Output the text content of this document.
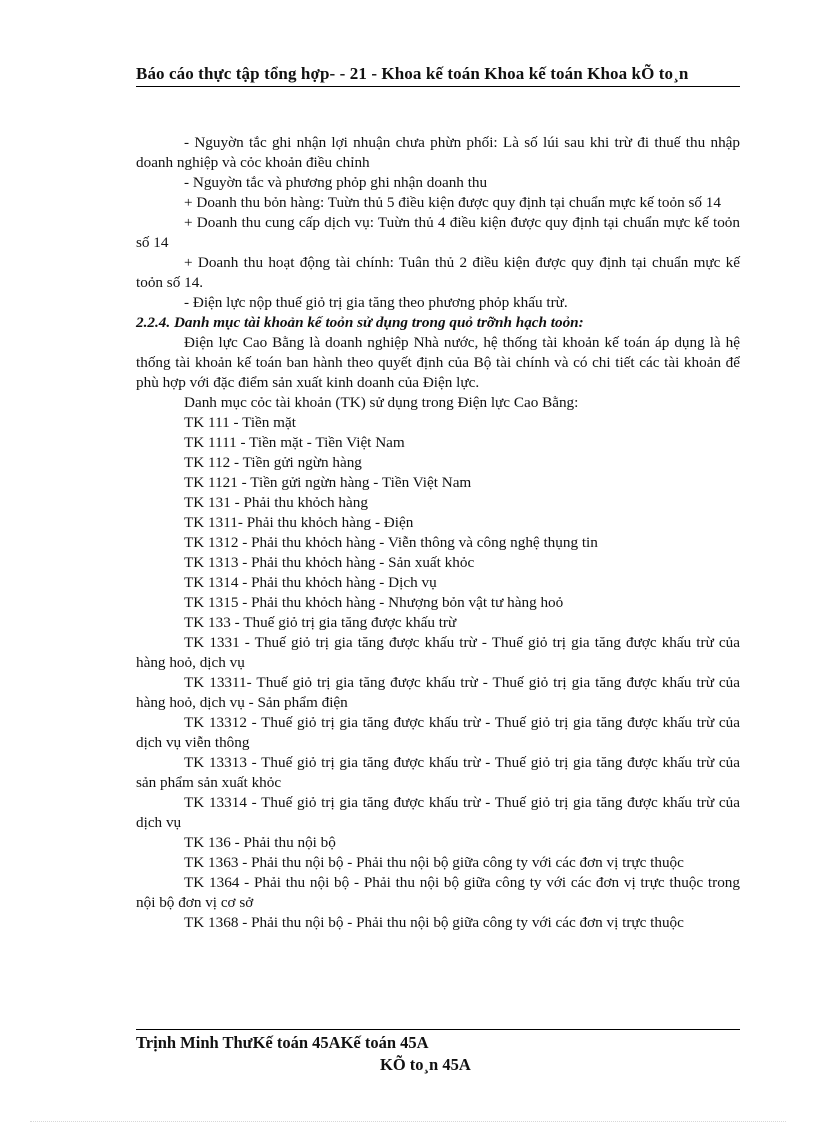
Báo cáo thực tập tổng hợp- - 21 - Khoa kế toán Khoa kế toán Khoa kÕ to¸n

- Nguyờn tắc ghi nhận lợi nhuận chưa phừn phối: Là số lúi sau khi trừ đi thuế thu nhập doanh nghiệp và cỏc khoản điều chỉnh

- Nguyờn tắc và phương phỏp ghi nhận doanh thu

+ Doanh thu bỏn hàng: Tuừn thủ 5 điều kiện được quy định tại chuẩn mực kế toỏn số 14

+ Doanh thu cung cấp dịch vụ: Tuừn thủ 4 điều kiện được quy định tại chuẩn mực kế toỏn số 14

+ Doanh thu hoạt động tài chính: Tuân thủ 2 điều kiện được quy định tại chuẩn mực kế toỏn số 14.

- Điện lực nộp thuế giỏ trị gia tăng theo phương phỏp khấu trừ.

2.2.4. Danh mục tài khoản kế toỏn sử dụng trong quỏ trỡnh hạch toỏn:

Điện lực Cao Bằng là doanh nghiệp Nhà nước, hệ thống tài khoản kế toán áp dụng là hệ thống tài khoản kế toán ban hành theo quyết định của Bộ tài chính và có chi tiết các tài khoản để phù hợp với đặc điểm sản xuất kinh doanh của Điện lực.

Danh mục cỏc tài khoản (TK) sử dụng trong Điện lực Cao Bằng:

TK 111 - Tiền mặt

TK 1111 - Tiền mặt - Tiền Việt Nam

TK 112 - Tiền gửi ngừn hàng

TK 1121 - Tiền gửi ngừn hàng - Tiền Việt Nam

TK 131 - Phải thu khỏch hàng

TK 1311- Phải thu khỏch hàng - Điện

TK 1312 - Phải thu khỏch hàng - Viễn thông và công nghệ thụng tin

TK 1313 - Phải thu khỏch hàng - Sản xuất khỏc

TK 1314 - Phải thu khỏch hàng - Dịch vụ

TK 1315 - Phải thu khỏch hàng - Nhượng bỏn vật tư hàng hoỏ

TK 133 - Thuế giỏ trị gia tăng được khấu trừ

TK 1331 - Thuế giỏ trị gia tăng được khấu trừ - Thuế giỏ trị gia tăng được khấu trừ của hàng hoỏ, dịch vụ

TK 13311- Thuế giỏ trị gia tăng được khấu trừ - Thuế giỏ trị gia tăng được khấu trừ của hàng hoỏ, dịch vụ - Sản phẩm điện

TK 13312 - Thuế giỏ trị gia tăng được khấu trừ - Thuế giỏ trị gia tăng được khấu trừ của dịch vụ viễn thông

TK 13313 - Thuế giỏ trị gia tăng được khấu trừ - Thuế giỏ trị gia tăng được khấu trừ của sản phẩm sản xuất khỏc

TK 13314 - Thuế giỏ trị gia tăng được khấu trừ - Thuế giỏ trị gia tăng được khấu trừ của dịch vụ

TK 136 - Phải thu nội bộ

TK 1363 - Phải thu nội bộ - Phải thu nội bộ giữa công ty với các đơn vị trực thuộc

TK 1364 - Phải thu nội bộ - Phải thu nội bộ giữa công ty với các đơn vị trực thuộc trong nội bộ đơn vị cơ sở

TK 1368 - Phải thu nội bộ - Phải thu nội bộ giữa công ty với các đơn vị trực thuộc

Trịnh Minh ThưKế toán 45AKế toán 45A
KÕ to¸n 45A
